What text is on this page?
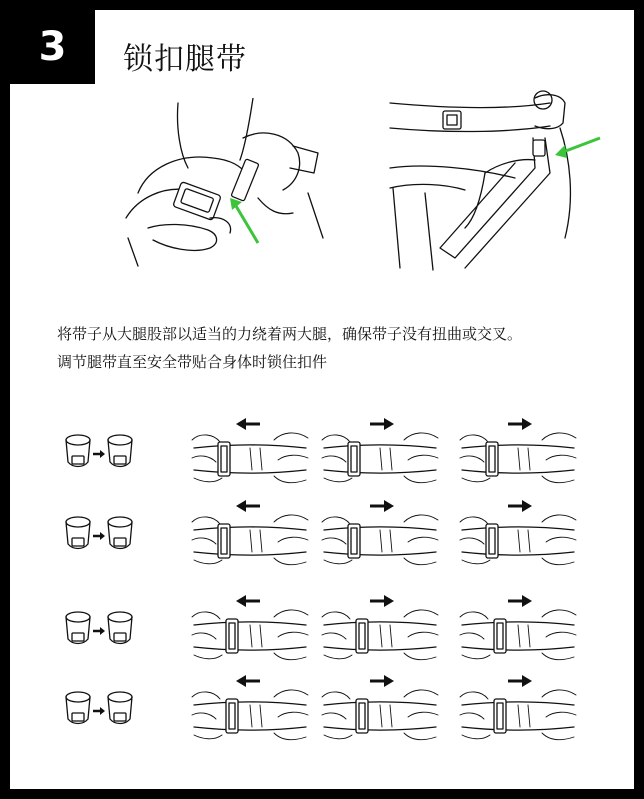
3 锁扣腿带

将带子从大腿股部以适当的力绕着两大腿，确保带子没有扭曲或交叉。

调节腿带直至安全带贴合身体时锁住扣件
